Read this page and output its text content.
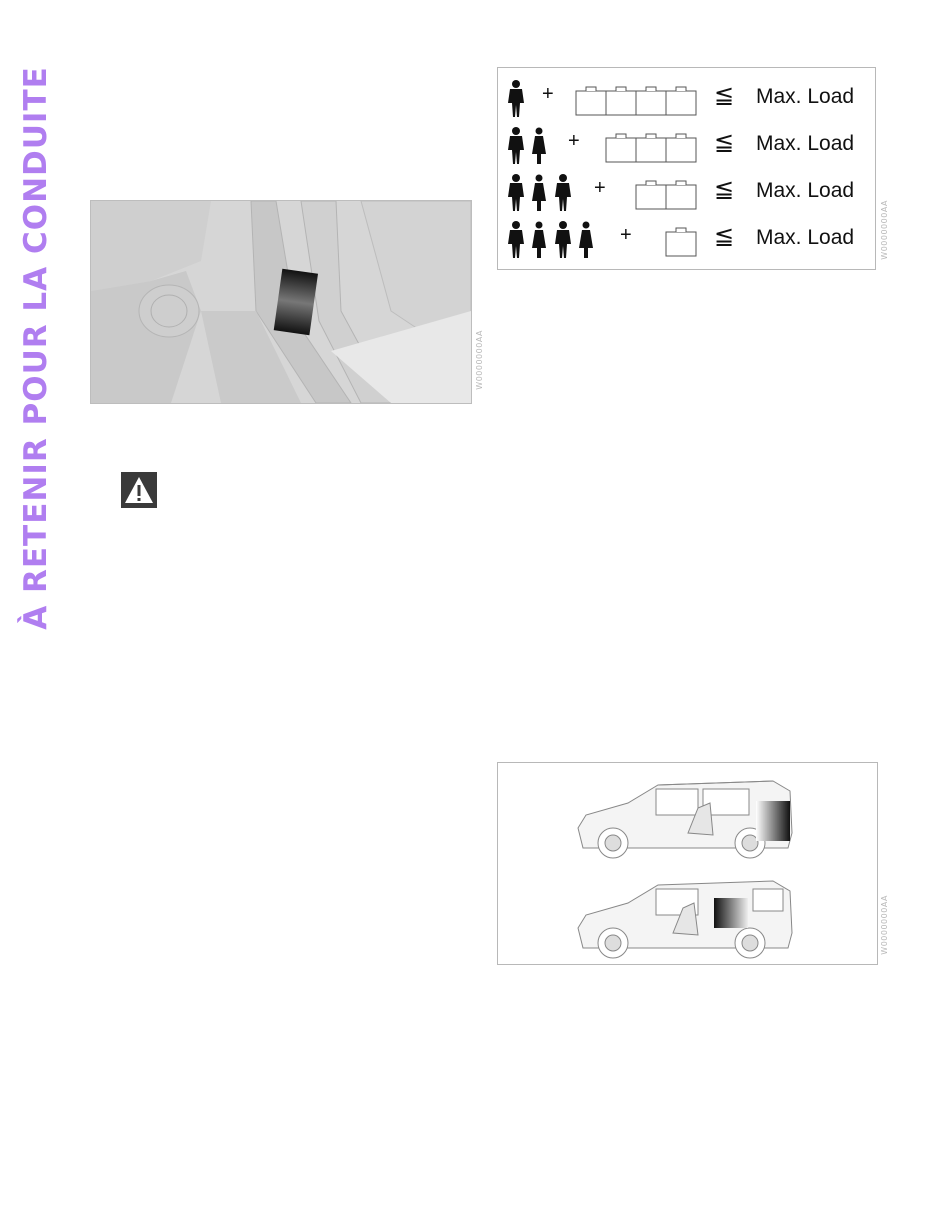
À RETENIR POUR LA CONDUITE	W0000000AA
+	≦ Max. Load
+	≦ Max. Load
+	≦ Max. Load
+	≦ Max. Load	W0000000AA
W0000000AA
